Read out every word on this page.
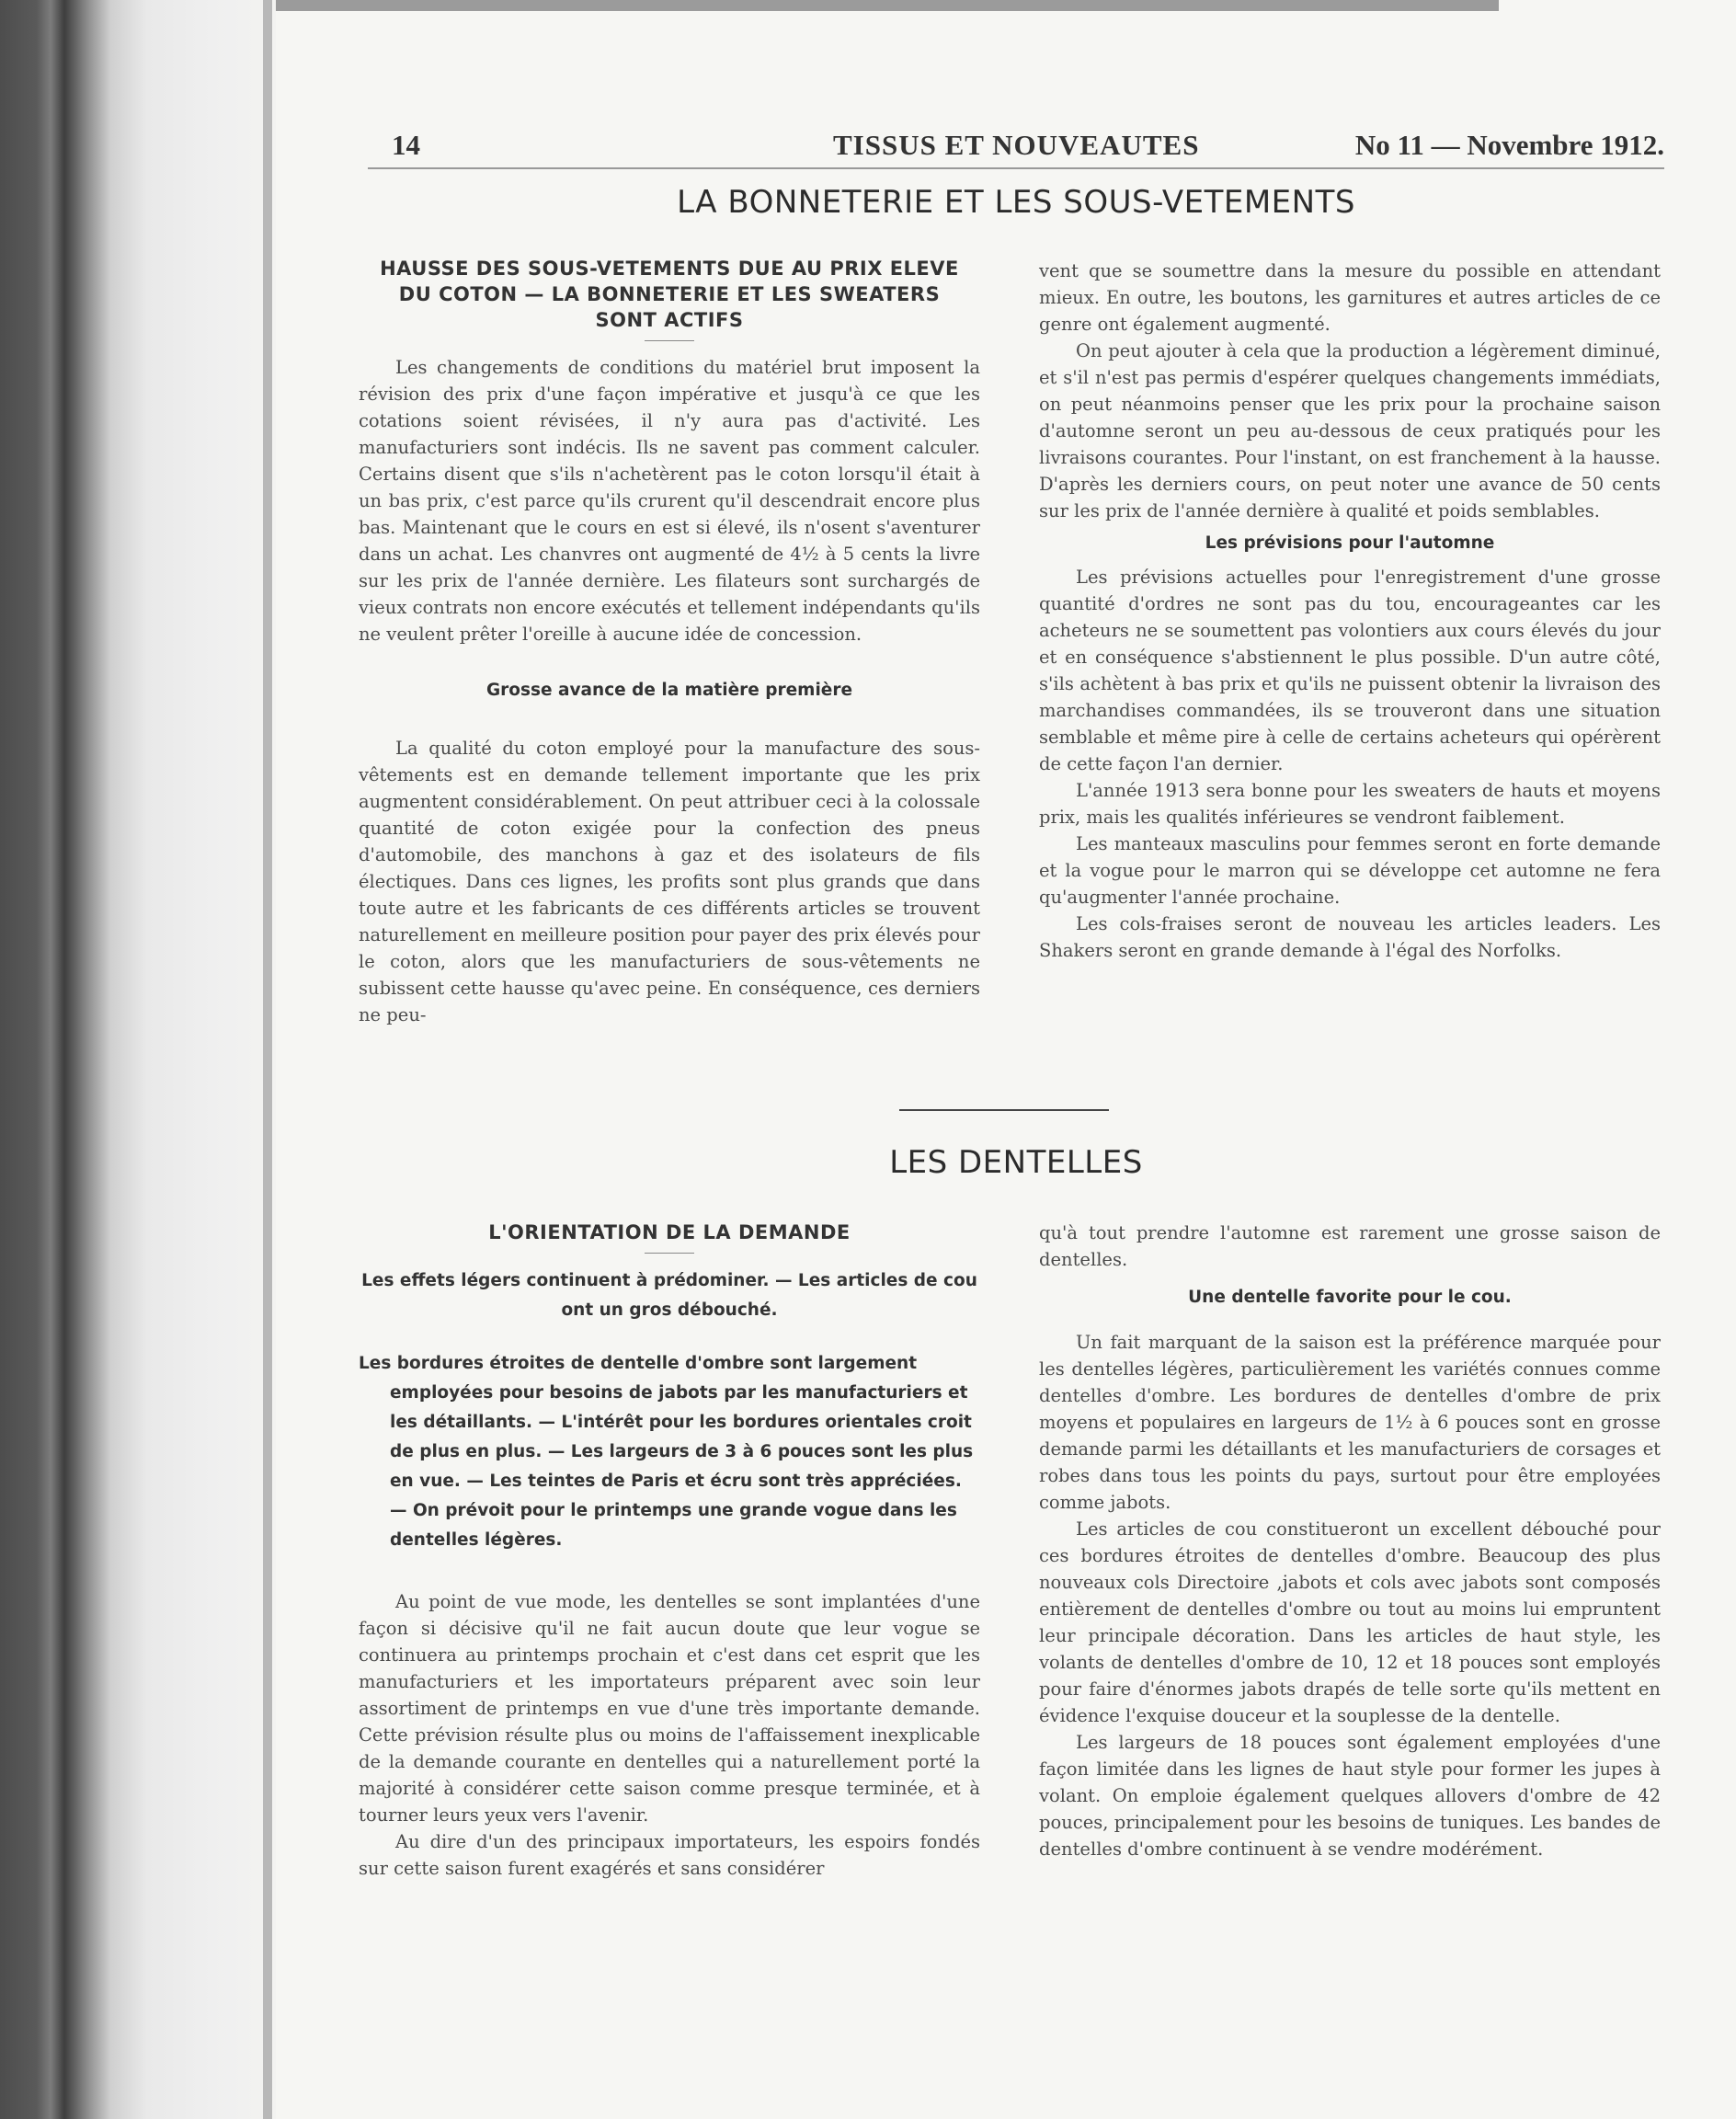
14	TISSUS ET NOUVEAUTES	No 11 — Novembre 1912.
LA BONNETERIE ET LES SOUS-VETEMENTS
HAUSSE DES SOUS-VETEMENTS DUE AU PRIX ELEVE DU COTON — LA BONNETERIE ET LES SWEATERS SONT ACTIFS

Les changements de conditions du matériel brut imposent la révision des prix d'une façon impérative et jusqu'à ce que les cotations soient révisées, il n'y aura pas d'activité. Les manufacturiers sont indécis. Ils ne savent pas comment calculer. Certains disent que s'ils n'achetèrent pas le coton lorsqu'il était à un bas prix, c'est parce qu'ils crurent qu'il descendrait encore plus bas. Maintenant que le cours en est si élevé, ils n'osent s'aventurer dans un achat. Les chanvres ont augmenté de 4½ à 5 cents la livre sur les prix de l'année dernière. Les filateurs sont surchargés de vieux contrats non encore exécutés et tellement indépendants qu'ils ne veulent prêter l'oreille à aucune idée de concession.

Grosse avance de la matière première

La qualité du coton employé pour la manufacture des sous-vêtements est en demande tellement importante que les prix augmentent considérablement. On peut attribuer ceci à la colossale quantité de coton exigée pour la confection des pneus d'automobile, des manchons à gaz et des isolateurs de fils électiques. Dans ces lignes, les profits sont plus grands que dans toute autre et les fabricants de ces différents articles se trouvent naturellement en meilleure position pour payer des prix élevés pour le coton, alors que les manufacturiers de sous-vêtements ne subissent cette hausse qu'avec peine. En conséquence, ces derniers ne peu-

vent que se soumettre dans la mesure du possible en attendant mieux. En outre, les boutons, les garnitures et autres articles de ce genre ont également augmenté.

On peut ajouter à cela que la production a légèrement diminué, et s'il n'est pas permis d'espérer quelques changements immédiats, on peut néanmoins penser que les prix pour la prochaine saison d'automne seront un peu au-dessous de ceux pratiqués pour les livraisons courantes. Pour l'instant, on est franchement à la hausse. D'après les derniers cours, on peut noter une avance de 50 cents sur les prix de l'année dernière à qualité et poids semblables.

Les prévisions pour l'automne

Les prévisions actuelles pour l'enregistrement d'une grosse quantité d'ordres ne sont pas du tou, encourageantes car les acheteurs ne se soumettent pas volontiers aux cours élevés du jour et en conséquence s'abstiennent le plus possible. D'un autre côté, s'ils achètent à bas prix et qu'ils ne puissent obtenir la livraison des marchandises commandées, ils se trouveront dans une situation semblable et même pire à celle de certains acheteurs qui opérèrent de cette façon l'an dernier.

L'année 1913 sera bonne pour les sweaters de hauts et moyens prix, mais les qualités inférieures se vendront faiblement.

Les manteaux masculins pour femmes seront en forte demande et la vogue pour le marron qui se développe cet automne ne fera qu'augmenter l'année prochaine.

Les cols-fraises seront de nouveau les articles leaders. Les Shakers seront en grande demande à l'égal des Norfolks.

LES DENTELLES
L'ORIENTATION DE LA DEMANDE

Les effets légers continuent à prédominer. — Les articles de cou ont un gros débouché.

Les bordures étroites de dentelle d'ombre sont largement employées pour besoins de jabots par les manufacturiers et les détaillants. — L'intérêt pour les bordures orientales croit de plus en plus. — Les largeurs de 3 à 6 pouces sont les plus en vue. — Les teintes de Paris et écru sont très appréciées. — On prévoit pour le printemps une grande vogue dans les dentelles légères.

Au point de vue mode, les dentelles se sont implantées d'une façon si décisive qu'il ne fait aucun doute que leur vogue se continuera au printemps prochain et c'est dans cet esprit que les manufacturiers et les importateurs préparent avec soin leur assortiment de printemps en vue d'une très importante demande. Cette prévision résulte plus ou moins de l'affaissement inexplicable de la demande courante en dentelles qui a naturellement porté la majorité à considérer cette saison comme presque terminée, et à tourner leurs yeux vers l'avenir.

Au dire d'un des principaux importateurs, les espoirs fondés sur cette saison furent exagérés et sans considérer

qu'à tout prendre l'automne est rarement une grosse saison de dentelles.

Une dentelle favorite pour le cou.

Un fait marquant de la saison est la préférence marquée pour les dentelles légères, particulièrement les variétés connues comme dentelles d'ombre. Les bordures de dentelles d'ombre de prix moyens et populaires en largeurs de 1½ à 6 pouces sont en grosse demande parmi les détaillants et les manufacturiers de corsages et robes dans tous les points du pays, surtout pour être employées comme jabots.

Les articles de cou constitueront un excellent débouché pour ces bordures étroites de dentelles d'ombre. Beaucoup des plus nouveaux cols Directoire ,jabots et cols avec jabots sont composés entièrement de dentelles d'ombre ou tout au moins lui empruntent leur principale décoration. Dans les articles de haut style, les volants de dentelles d'ombre de 10, 12 et 18 pouces sont employés pour faire d'énormes jabots drapés de telle sorte qu'ils mettent en évidence l'exquise douceur et la souplesse de la dentelle.

Les largeurs de 18 pouces sont également employées d'une façon limitée dans les lignes de haut style pour former les jupes à volant. On emploie également quelques allovers d'ombre de 42 pouces, principalement pour les besoins de tuniques. Les bandes de dentelles d'ombre continuent à se vendre modérément.
